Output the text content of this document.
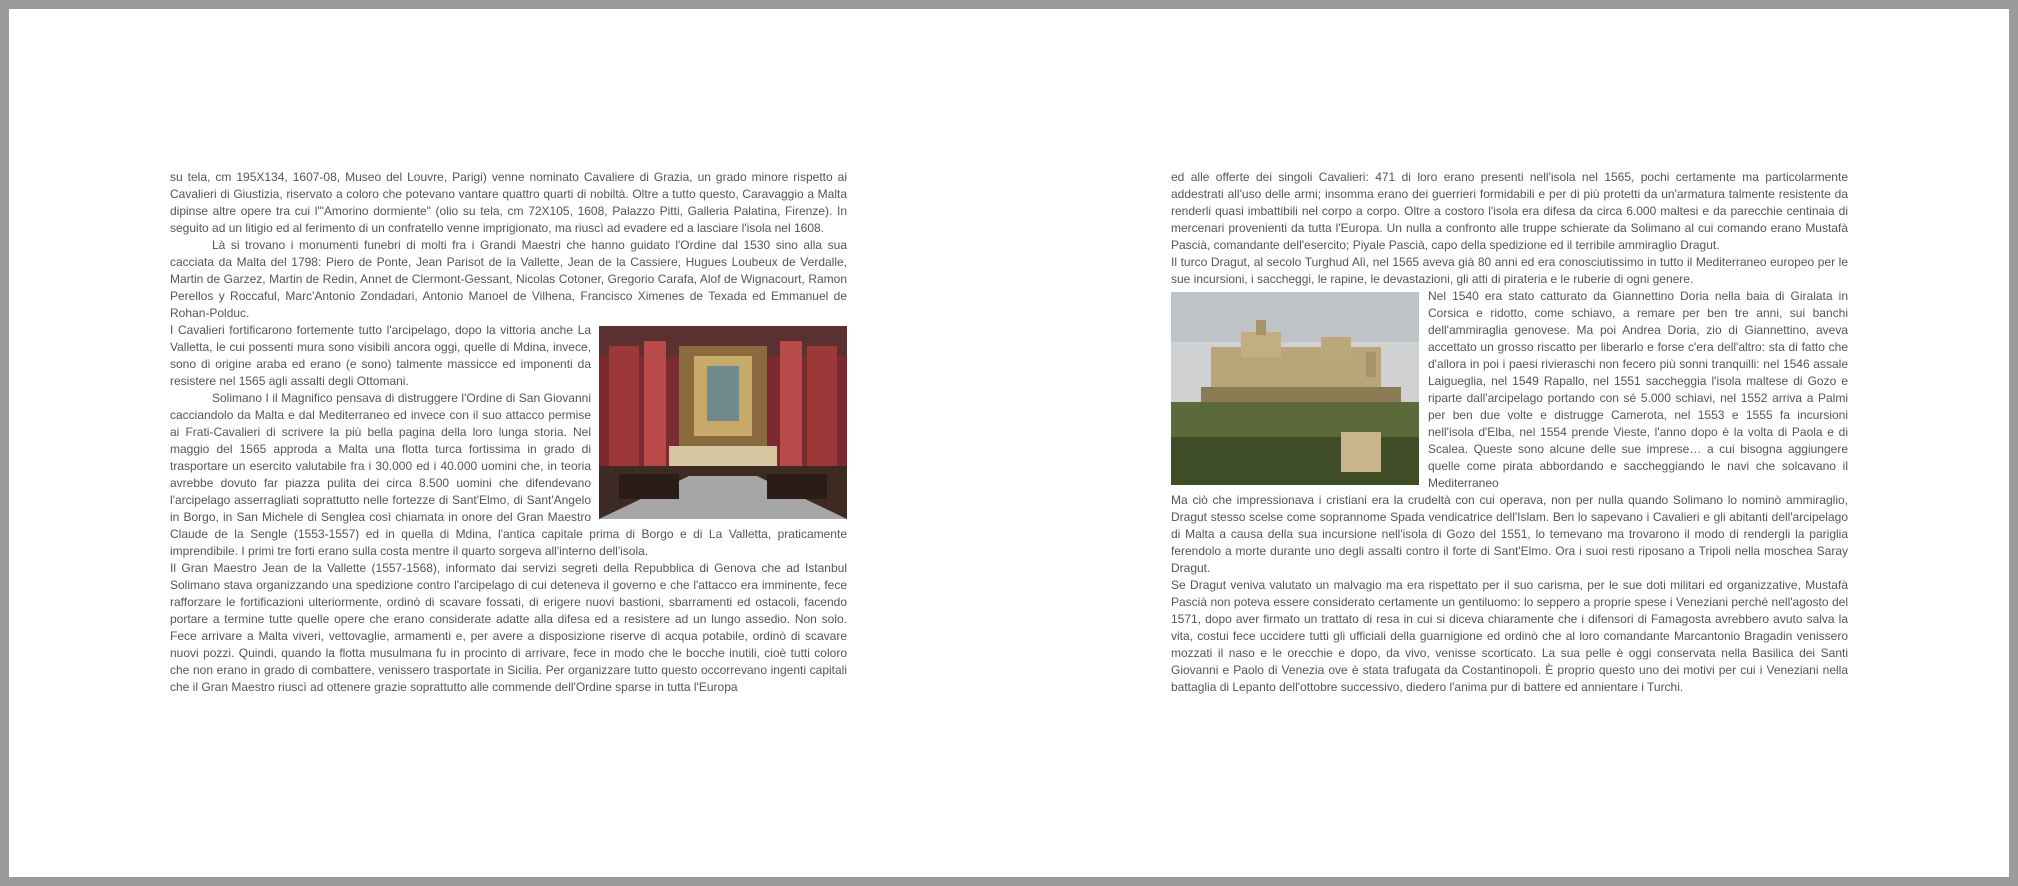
su tela, cm 195X134, 1607-08, Museo del Louvre, Parigi) venne nominato Cavaliere di Grazia, un grado minore rispetto ai Cavalieri di Giustizia, riservato a coloro che potevano vantare quattro quarti di nobiltà. Oltre a tutto questo, Caravaggio a Malta dipinse altre opere tra cui l'"Amorino dormiente" (olio su tela, cm 72X105, 1608, Palazzo Pitti, Galleria Palatina, Firenze). In seguito ad un litigio ed al ferimento di un confratello venne imprigionato, ma riuscì ad evadere ed a lasciare l'isola nel 1608.

Là si trovano i monumenti funebri di molti fra i Grandi Maestri che hanno guidato l'Ordine dal 1530 sino alla sua cacciata da Malta del 1798: Piero de Ponte, Jean Parisot de la Vallette, Jean de la Cassiere, Hugues Loubeux de Verdalle, Martin de Garzez, Martin de Redin, Annet de Clermont-Gessant, Nicolas Cotoner, Gregorio Carafa, Alof de Wignacourt, Ramon Perellos y Roccaful, Marc'Antonio Zondadari, Antonio Manoel de Vilhena, Francisco Ximenes de Texada ed Emmanuel de Rohan-Polduc.

I Cavalieri fortificarono fortemente tutto l'arcipelago, dopo la vittoria anche La Valletta, le cui possenti mura sono visibili ancora oggi, quelle di Mdina, invece, sono di origine araba ed erano (e sono) talmente massicce ed imponenti da resistere nel 1565 agli assalti degli Ottomani.

Solimano I il Magnifico pensava di distruggere l'Ordine di San Giovanni cacciandolo da Malta e dal Mediterraneo ed invece con il suo attacco permise ai Frati-Cavalieri di scrivere la più bella pagina della loro lunga storia. Nel maggio del 1565 approda a Malta una flotta turca fortissima in grado di trasportare un esercito valutabile fra i 30.000 ed i 40.000 uomini che, in teoria avrebbe dovuto far piazza pulita dei circa 8.500 uomini che difendevano l'arcipelago asserragliati soprattutto nelle fortezze di Sant'Elmo, di Sant'Angelo in Borgo, in San Michele di Senglea così chiamata in onore del Gran Maestro Claude de la Sengle (1553-1557) ed in quella di Mdina, l'antica capitale prima di Borgo e di La Valletta, praticamente imprendibile. I primi tre forti erano sulla costa mentre il quarto sorgeva all'interno dell'isola.

Il Gran Maestro Jean de la Vallette (1557-1568), informato dai servizi segreti della Repubblica di Genova che ad Istanbul Solimano stava organizzando una spedizione contro l'arcipelago di cui deteneva il governo e che l'attacco era imminente, fece rafforzare le fortificazioni ulteriormente, ordinò di scavare fossati, di erigere nuovi bastioni, sbarramenti ed ostacoli, facendo portare a termine tutte quelle opere che erano considerate adatte alla difesa ed a resistere ad un lungo assedio. Non solo. Fece arrivare a Malta viveri, vettovaglie, armamenti e, per avere a disposizione riserve di acqua potabile, ordinò di scavare nuovi pozzi. Quindi, quando la flotta musulmana fu in procinto di arrivare, fece in modo che le bocche inutili, cioè tutti coloro che non erano in grado di combattere, venissero trasportate in Sicilia. Per organizzare tutto questo occorrevano ingenti capitali che il Gran Maestro riuscì ad ottenere grazie soprattutto alle commende dell'Ordine sparse in tutta l'Europa

ed alle offerte dei singoli Cavalieri: 471 di loro erano presenti nell'isola nel 1565, pochi certamente ma particolarmente addestrati all'uso delle armi; insomma erano dei guerrieri formidabili e per di più protetti da un'armatura talmente resistente da renderli quasi imbattibili nel corpo a corpo. Oltre a costoro l'isola era difesa da circa 6.000 maltesi e da parecchie centinaia di mercenari provenienti da tutta l'Europa. Un nulla a confronto alle truppe schierate da Solimano al cui comando erano Mustafà Pascià, comandante dell'esercito; Piyale Pascià, capo della spedizione ed il terribile ammiraglio Dragut.

Il turco Dragut, al secolo Turghud Alì, nel 1565 aveva già 80 anni ed era conosciutissimo in tutto il Mediterraneo europeo per le sue incursioni, i saccheggi, le rapine, le devastazioni, gli atti di pirateria e le ruberie di ogni genere.

Nel 1540 era stato catturato da Giannettino Doria nella baia di Giralata in Corsica e ridotto, come schiavo, a remare per ben tre anni, sui banchi dell'ammiraglia genovese. Ma poi Andrea Doria, zio di Giannettino, aveva accettato un grosso riscatto per liberarlo e forse c'era dell'altro: sta di fatto che d'allora in poi i paesi rivieraschi non fecero più sonni tranquilli: nel 1546 assale Laigueglia, nel 1549 Rapallo, nel 1551 saccheggia l'isola maltese di Gozo e riparte dall'arcipelago portando con sé 5.000 schiavi, nel 1552 arriva a Palmi per ben due volte e distrugge Camerota, nel 1553 e 1555 fa incursioni nell'isola d'Elba, nel 1554 prende Vieste, l'anno dopo è la volta di Paola e di Scalea. Queste sono alcune delle sue imprese… a cui bisogna aggiungere quelle come pirata abbordando e saccheggiando le navi che solcavano il Mediterraneo

Ma ciò che impressionava i cristiani era la crudeltà con cui operava, non per nulla quando Solimano lo nominò ammiraglio, Dragut stesso scelse come soprannome Spada vendicatrice dell'Islam. Ben lo sapevano i Cavalieri e gli abitanti dell'arcipelago di Malta a causa della sua incursione nell'isola di Gozo del 1551, lo temevano ma trovarono il modo di rendergli la pariglia ferendolo a morte durante uno degli assalti contro il forte di Sant'Elmo. Ora i suoi resti riposano a Tripoli nella moschea Saray Dragut.

Se Dragut veniva valutato un malvagio ma era rispettato per il suo carisma, per le sue doti militari ed organizzative, Mustafà Pascià non poteva essere considerato certamente un gentiluomo: lo seppero a proprie spese i Veneziani perché nell'agosto del 1571, dopo aver firmato un trattato di resa in cui si diceva chiaramente che i difensori di Famagosta avrebbero avuto salva la vita, costui fece uccidere tutti gli ufficiali della guarnigione ed ordinò che al loro comandante Marcantonio Bragadin venissero mozzati il naso e le orecchie e dopo, da vivo, venisse scorticato. La sua pelle è oggi conservata nella Basilica dei Santi Giovanni e Paolo di Venezia ove è stata trafugata da Costantinopoli. È proprio questo uno dei motivi per cui i Veneziani nella battaglia di Lepanto dell'ottobre successivo, diedero l'anima pur di battere ed annientare i Turchi.
